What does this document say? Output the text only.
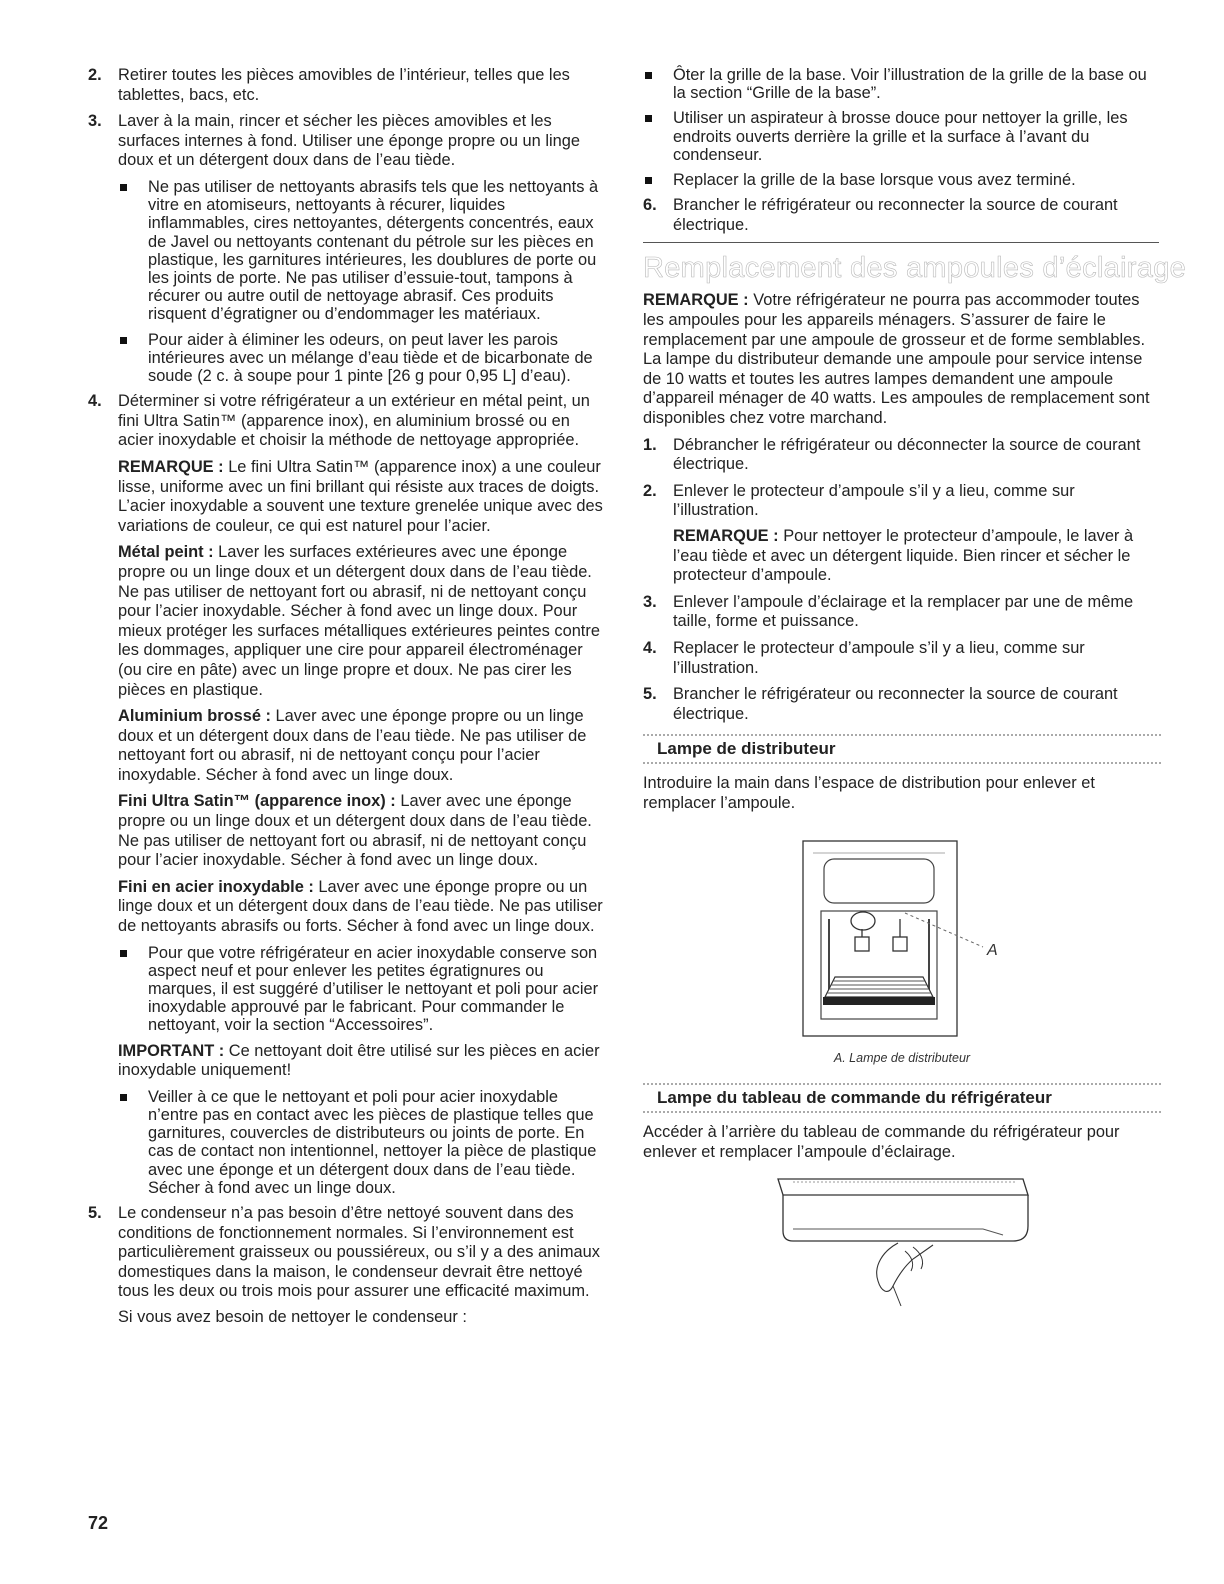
2. Retirer toutes les pièces amovibles de l’intérieur, telles que les tablettes, bacs, etc.

3. Laver à la main, rincer et sécher les pièces amovibles et les surfaces internes à fond. Utiliser une éponge propre ou un linge doux et un détergent doux dans de l’eau tiède.

Ne pas utiliser de nettoyants abrasifs tels que les nettoyants à vitre en atomiseurs, nettoyants à récurer, liquides inflammables, cires nettoyantes, détergents concentrés, eaux de Javel ou nettoyants contenant du pétrole sur les pièces en plastique, les garnitures intérieures, les doublures de porte ou les joints de porte. Ne pas utiliser d’essuie-tout, tampons à récurer ou autre outil de nettoyage abrasif. Ces produits risquent d’égratigner ou d’endommager les matériaux.
Pour aider à éliminer les odeurs, on peut laver les parois intérieures avec un mélange d’eau tiède et de bicarbonate de soude (2 c. à soupe pour 1 pinte [26 g pour 0,95 L] d’eau).
4. Déterminer si votre réfrigérateur a un extérieur en métal peint, un fini Ultra Satin™ (apparence inox), en aluminium brossé ou en acier inoxydable et choisir la méthode de nettoyage appropriée.

REMARQUE : Le fini Ultra Satin™ (apparence inox) a une couleur lisse, uniforme avec un fini brillant qui résiste aux traces de doigts. L’acier inoxydable a souvent une texture grenelée unique avec des variations de couleur, ce qui est naturel pour l’acier.

Métal peint : Laver les surfaces extérieures avec une éponge propre ou un linge doux et un détergent doux dans de l’eau tiède. Ne pas utiliser de nettoyant fort ou abrasif, ni de nettoyant conçu pour l’acier inoxydable. Sécher à fond avec un linge doux. Pour mieux protéger les surfaces métalliques extérieures peintes contre les dommages, appliquer une cire pour appareil électroménager (ou cire en pâte) avec un linge propre et doux. Ne pas cirer les pièces en plastique.

Aluminium brossé : Laver avec une éponge propre ou un linge doux et un détergent doux dans de l’eau tiède. Ne pas utiliser de nettoyant fort ou abrasif, ni de nettoyant conçu pour l’acier inoxydable. Sécher à fond avec un linge doux.

Fini Ultra Satin™ (apparence inox) : Laver avec une éponge propre ou un linge doux et un détergent doux dans de l’eau tiède. Ne pas utiliser de nettoyant fort ou abrasif, ni de nettoyant conçu pour l’acier inoxydable. Sécher à fond avec un linge doux.

Fini en acier inoxydable : Laver avec une éponge propre ou un linge doux et un détergent doux dans de l’eau tiède. Ne pas utiliser de nettoyants abrasifs ou forts. Sécher à fond avec un linge doux.

Pour que votre réfrigérateur en acier inoxydable conserve son aspect neuf et pour enlever les petites égratignures ou marques, il est suggéré d’utiliser le nettoyant et poli pour acier inoxydable approuvé par le fabricant. Pour commander le nettoyant, voir la section “Accessoires”.

IMPORTANT : Ce nettoyant doit être utilisé sur les pièces en acier inoxydable uniquement!

Veiller à ce que le nettoyant et poli pour acier inoxydable n’entre pas en contact avec les pièces de plastique telles que garnitures, couvercles de distributeurs ou joints de porte. En cas de contact non intentionnel, nettoyer la pièce de plastique avec une éponge et un détergent doux dans de l’eau tiède. Sécher à fond avec un linge doux.
5. Le condenseur n’a pas besoin d’être nettoyé souvent dans des conditions de fonctionnement normales. Si l’environnement est particulièrement graisseux ou poussiéreux, ou s’il y a des animaux domestiques dans la maison, le condenseur devrait être nettoyé tous les deux ou trois mois pour assurer une efficacité maximum.

Si vous avez besoin de nettoyer le condenseur :

Ôter la grille de la base. Voir l’illustration de la grille de la base ou la section “Grille de la base”.
Utiliser un aspirateur à brosse douce pour nettoyer la grille, les endroits ouverts derrière la grille et la surface à l’avant du condenseur.
Replacer la grille de la base lorsque vous avez terminé.
6. Brancher le réfrigérateur ou reconnecter la source de courant électrique.

Remplacement des ampoules d’éclairage

REMARQUE : Votre réfrigérateur ne pourra pas accommoder toutes les ampoules pour les appareils ménagers. S’assurer de faire le remplacement par une ampoule de grosseur et de forme semblables. La lampe du distributeur demande une ampoule pour service intense de 10 watts et toutes les autres lampes demandent une ampoule d’appareil ménager de 40 watts. Les ampoules de remplacement sont disponibles chez votre marchand.

1. Débrancher le réfrigérateur ou déconnecter la source de courant électrique.

2. Enlever le protecteur d’ampoule s’il y a lieu, comme sur l’illustration.

REMARQUE : Pour nettoyer le protecteur d’ampoule, le laver à l’eau tiède et avec un détergent liquide. Bien rincer et sécher le protecteur d’ampoule.

3. Enlever l’ampoule d’éclairage et la remplacer par une de même taille, forme et puissance.

4. Replacer le protecteur d’ampoule s’il y a lieu, comme sur l’illustration.

5. Brancher le réfrigérateur ou reconnecter la source de courant électrique.

Lampe de distributeur

Introduire la main dans l’espace de distribution pour enlever et remplacer l’ampoule.

A
A. Lampe de distributeur
Lampe du tableau de commande du réfrigérateur

Accéder à l’arrière du tableau de commande du réfrigérateur pour enlever et remplacer l’ampoule d’éclairage.

72
